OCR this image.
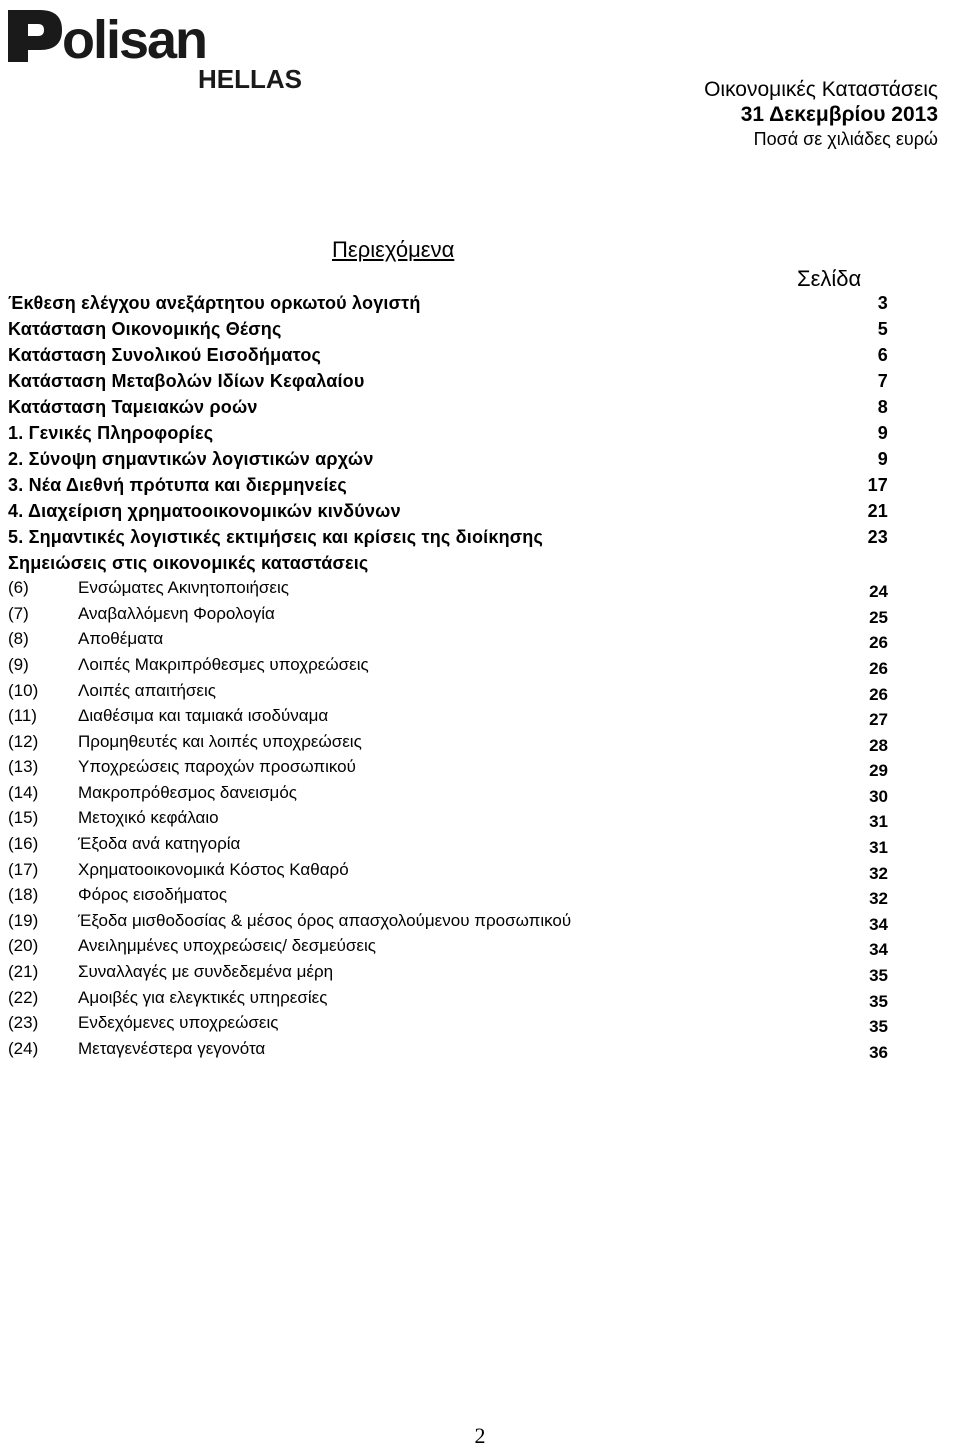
olisan
HELLAS	Οικονομικές Καταστάσεις
31 Δεκεμβρίου 2013
Ποσά σε χιλιάδες ευρώ
Περιεχόμενα
Σελίδα
Έκθεση ελέγχου ανεξάρτητου ορκωτού λογιστή	3
Κατάσταση Οικονομικής Θέσης	5
Κατάσταση Συνολικού Εισοδήματος	6
Κατάσταση Μεταβολών Ιδίων Κεφαλαίου	7
Κατάσταση Ταμειακών ροών	8
1. Γενικές Πληροφορίες	9
2. Σύνοψη σημαντικών λογιστικών αρχών	9
3. Νέα Διεθνή πρότυπα και διερμηνείες	17
4. Διαχείριση χρηματοοικονομικών κινδύνων	21
5. Σημαντικές λογιστικές εκτιμήσεις και κρίσεις της διοίκησης	23
Σημειώσεις στις οικονομικές καταστάσεις
(6)	Ενσώματες Ακινητοποιήσεις	24
(7)	Αναβαλλόμενη Φορολογία	25
(8)	Αποθέματα	26
(9)	Λοιπές Μακριπρόθεσμες υποχρεώσεις	26
(10)	Λοιπές απαιτήσεις	26
(11)	Διαθέσιμα και ταμιακά ισοδύναμα	27
(12)	Προμηθευτές και λοιπές υποχρεώσεις	28
(13)	Υποχρεώσεις παροχών προσωπικού	29
(14)	Μακροπρόθεσμος δανεισμός	30
(15)	Μετοχικό κεφάλαιο	31
(16)	Έξοδα ανά κατηγορία	31
(17)	Χρηματοοικονομικά Κόστος Καθαρό	32
(18)	Φόρος εισοδήματος	32
(19)	Έξοδα μισθοδοσίας & μέσος όρος απασχολούμενου προσωπικού	34
(20)	Ανειλημμένες υποχρεώσεις/ δεσμεύσεις	34
(21)	Συναλλαγές με συνδεδεμένα μέρη	35
(22)	Αμοιβές για ελεγκτικές υπηρεσίες	35
(23)	Ενδεχόμενες υποχρεώσεις	35
(24)	Μεταγενέστερα γεγονότα	36
2
